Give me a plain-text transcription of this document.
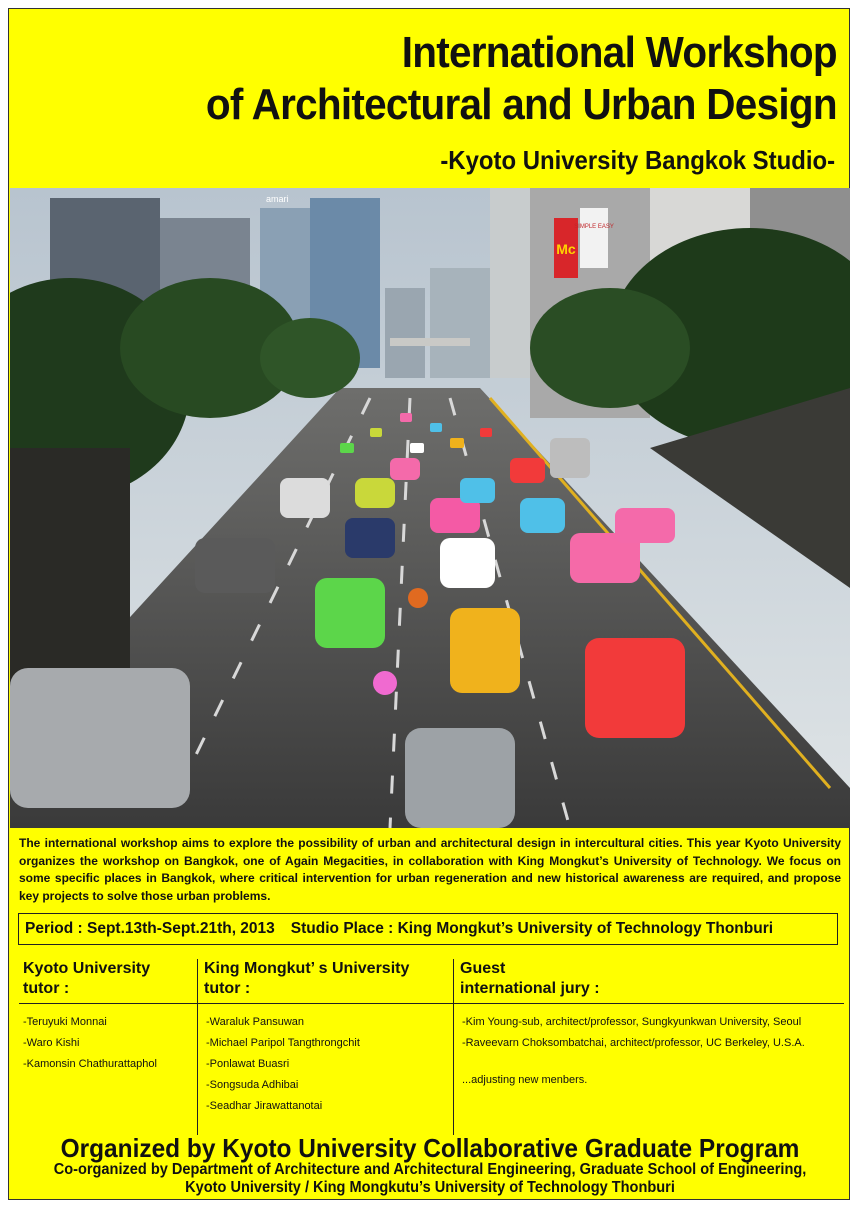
International Workshop
of Architectural and Urban Design
-Kyoto University Bangkok Studio-
Mc
amari
SIMPLE EASY
The international workshop aims to explore the possibility of urban and architectural design in intercultural cities. This year Kyoto University organizes the workshop on Bangkok, one of Again Megacities, in collaboration with King Mongkut’s University of Technology. We focus on some specific places in Bangkok, where critical intervention for urban regeneration and new historical awareness are required, and propose key projects to solve those urban problems.
Period : Sept.13th-Sept.21th, 2013 Studio Place : King Mongkut’s University of Technology Thonburi
Kyoto University
tutor :
-Teruyuki Monnai
-Waro Kishi
-Kamonsin Chathurattaphol
King Mongkut’ s University
tutor :
-Waraluk Pansuwan
-Michael Paripol Tangthrongchit
-Ponlawat Buasri
-Songsuda Adhibai
-Seadhar Jirawattanotai
Guest
international jury :
-Kim Young-sub, architect/professor, Sungkyunkwan University, Seoul
-Raveevarn Choksombatchai, architect/professor, UC Berkeley, U.S.A.
...adjusting new menbers.
Organized by Kyoto University Collaborative Graduate Program
Co-organized by Department of Architecture and Architectural Engineering, Graduate School of Engineering,
Kyoto University / King Mongkutu’s University of Technology Thonburi
